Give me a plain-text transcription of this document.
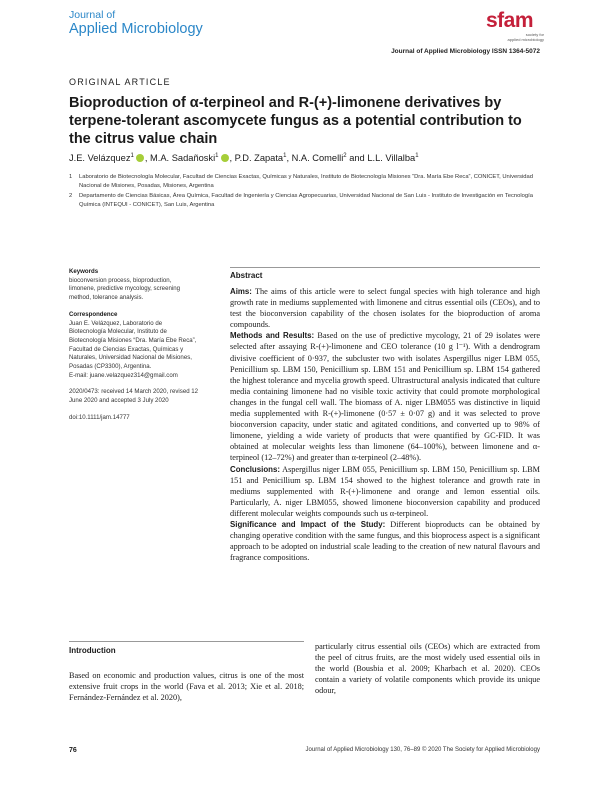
Journal of
Applied Microbiology	sfam
society for
applied microbiology
Journal of Applied Microbiology ISSN 1364-5072
ORIGINAL ARTICLE
Bioproduction of α-terpineol and R-(+)-limonene derivatives by terpene-tolerant ascomycete fungus as a potential contribution to the citrus value chain
J.E. Velázquez$^1$ , M.A. Sadañoski$^1$ , P.D. Zapata$^1$, N.A. Comelli$^2$ and L.L. Villalba$^1$
1	Laboratorio de Biotecnología Molecular, Facultad de Ciencias Exactas, Químicas y Naturales, Instituto de Biotecnología Misiones “Dra. María Ebe Reca”, CONICET, Universidad Nacional de Misiones, Posadas, Misiones, Argentina
2	Departamento de Ciencias Básicas, Área Química, Facultad de Ingeniería y Ciencias Agropecuarias, Universidad Nacional de San Luis - Instituto de Investigación en Tecnología Química (INTEQUI - CONICET), San Luis, Argentina
Keywords
bioconversion process, bioproduction, limonene, predictive mycology, screening method, tolerance analysis.
Correspondence
Juan E. Velázquez, Laboratorio de Biotecnología Molecular, Instituto de Biotecnología Misiones “Dra. María Ebe Reca”, Facultad de Ciencias Exactas, Químicas y Naturales, Universidad Nacional de Misiones, Posadas (CP3300), Argentina.
E-mail: juane.velazquez314@gmail.com
2020/0473: received 14 March 2020, revised 12 June 2020 and accepted 3 July 2020
doi:10.1111/jam.14777
Abstract

Aims: The aims of this article were to select fungal species with high tolerance and high growth rate in mediums supplemented with limonene and citrus essential oils (CEOs), and to test the bioconversion capability of the chosen isolates for the bioproduction of aroma compounds.

Methods and Results: Based on the use of predictive mycology, 21 of 29 isolates were selected after assaying R-(+)-limonene and CEO tolerance (10 g l⁻¹). With a dendrogram divisive coefficient of 0·937, the subcluster two with isolates Aspergillus niger LBM 055, Penicillium sp. LBM 150, Penicillium sp. LBM 151 and Penicillium sp. LBM 154 gathered the highest tolerance and mycelia growth speed. Ultrastructural analysis indicated that culture media containing limonene had no visible toxic activity that could promote morphological changes in the fungal cell wall. The biomass of A. niger LBM055 was distinctive in liquid media supplemented with R-(+)-limonene (0·57 ± 0·07 g) and it was selected to prove bioconversion capacity, under static and agitated conditions, and converted up to 98% of limonene, yielding a wide variety of products that were quantified by GC-FID. It was obtained at molecular weights less than limonene (64–100%), between limonene and α-terpineol (12–72%) and greater than α-terpineol (2–48%).

Conclusions: Aspergillus niger LBM 055, Penicillium sp. LBM 150, Penicillium sp. LBM 151 and Penicillium sp. LBM 154 showed to the highest tolerance and growth rate in mediums supplemented with R-(+)-limonene and orange and lemon essential oils. Particularly, A. niger LBM055, showed limonene bioconversion capability and produced different molecular weights compounds such us α-terpineol.

Significance and Impact of the Study: Different bioproducts can be obtained by changing operative condition with the same fungus, and this bioprocess aspect is a significant approach to be adopted on industrial scale leading to the creation of new natural flavours and fragrance compositions.

Introduction
Based on economic and production values, citrus is one of the most extensive fruit crops in the world (Fava et al. 2013; Xie et al. 2018; Fernández-Fernández et al. 2020),
particularly citrus essential oils (CEOs) which are extracted from the peel of citrus fruits, are the most widely used essential oils in the world (Bousbia et al. 2009; Kharbach et al. 2020). CEOs contain a variety of volatile components which provide its unique odour,
76	Journal of Applied Microbiology 130, 76–89 © 2020 The Society for Applied Microbiology
